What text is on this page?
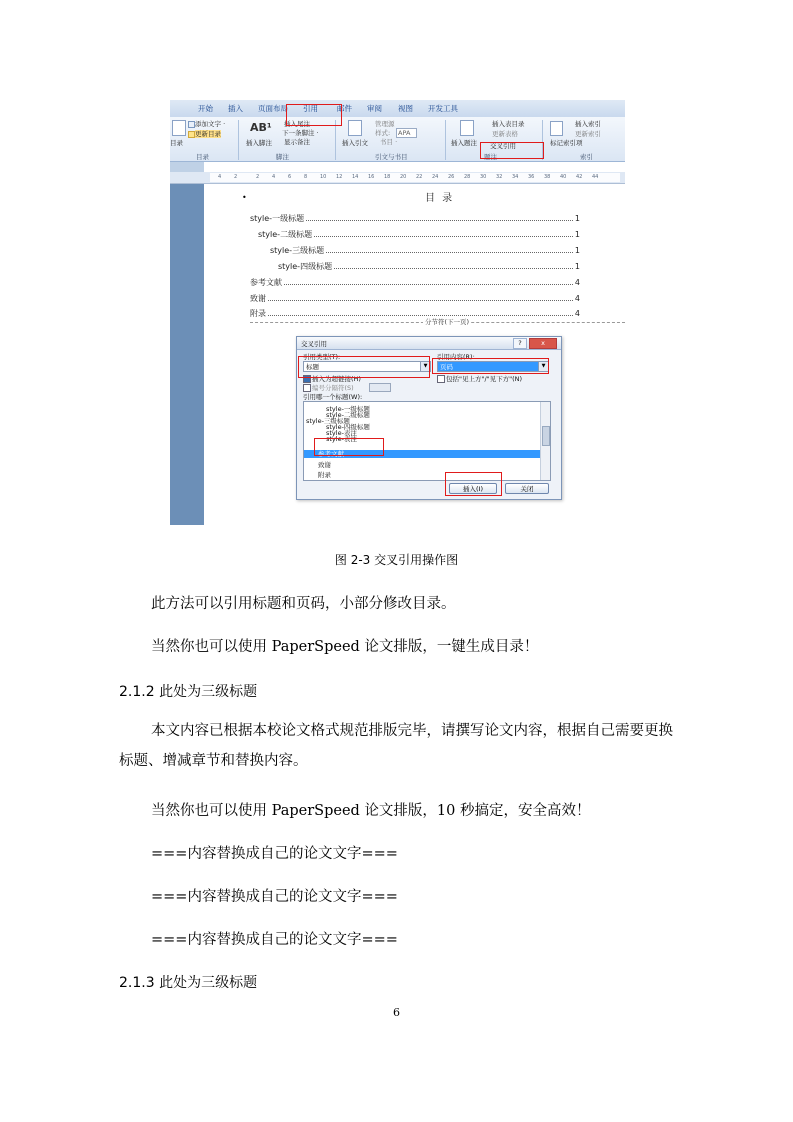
开始 插入 页面布局 引用	邮件 审阅 视图 开发工具
目录
添加文字 ·
更新目录
目录
AB¹
插入脚注
插入尾注
下一条脚注 ·
显示备注
脚注
插入引文
管理源
样式:	APA
书目 ·
引文与书目
插入题注
插入表目录
更新表格
交叉引用
题注
标记索引项
插入索引
更新索引
索引
4	2	2	4	6	8	10 12 14 16 18 20 22 24 26 28 30 32 34 36 38 40 42 44
•	目 录
style-一级标题	1
style-二级标题	1
style-三级标题	1
style-四级标题	1
参考文献	4
致谢	4
附录	4
分节符(下一页)
交叉引用	?	x
引用类型(T):
标题	▼
引用内容(R):
页码	▼
插入为超链接(H)	包括"见上方"/"见下方"(N)
编号分隔符(S)
引用哪一个标题(W):
style-一级标题
style-二级标题
style-三级标题
style-四级标题
style-表注
style-表注
参考文献
致谢
附录
插入(I)	关闭
图 2-3 交叉引用操作图
此方法可以引用标题和页码，小部分修改目录。
当然你也可以使用 PaperSpeed 论文排版，一键生成目录！
2.1.2 此处为三级标题
本文内容已根据本校论文格式规范排版完毕，请撰写论文内容，根据自己需要更换标题、增减章节和替换内容。
当然你也可以使用 PaperSpeed 论文排版，10 秒搞定，安全高效！
===内容替换成自己的论文文字===
===内容替换成自己的论文文字===
===内容替换成自己的论文文字===
2.1.3 此处为三级标题
6
